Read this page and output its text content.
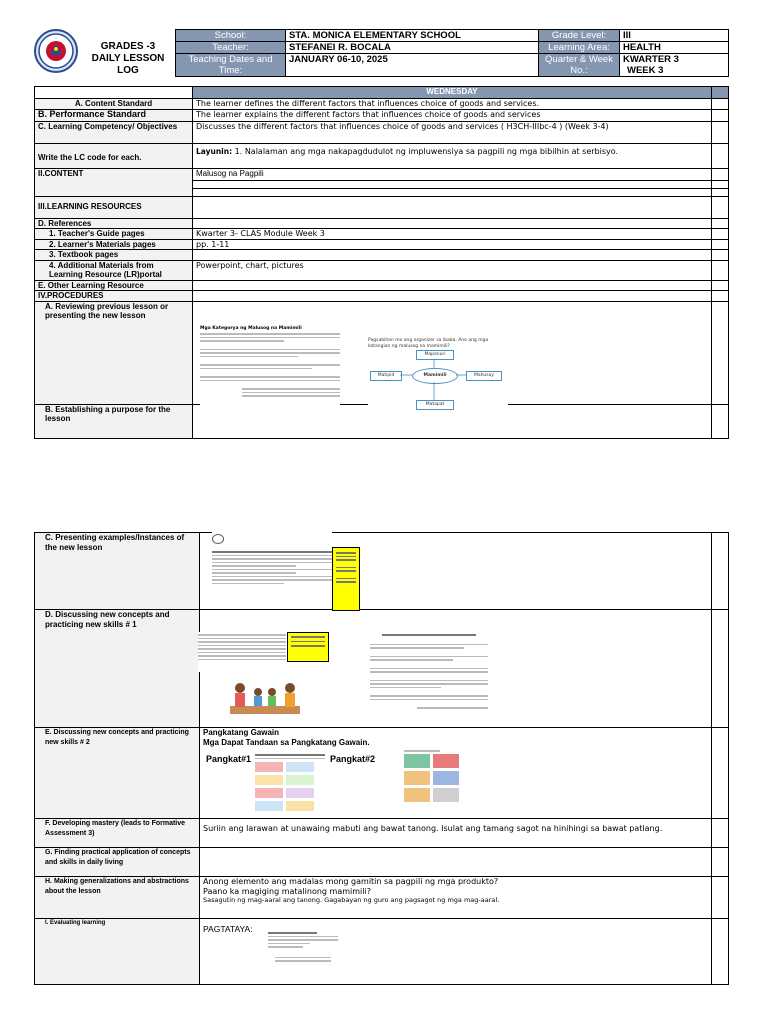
GRADES -3
DAILY LESSON
LOG
School:	STA. MONICA ELEMENTARY SCHOOL	Grade Level:	III
Teacher:	STEFANEI R. BOCALA	Learning Area:	HEALTH
Teaching Dates and Time:	JANUARY 06-10, 2025	Quarter & Week No.:	KWARTER 3
WEEK 3
	WEDNESDAY	
A. Content Standard	The learner defines the different factors that influences choice of goods and services.	
B. Performance Standard	The learner explains the different factors that influences choice of goods and services	
C. Learning Competency/ Objectives	Discusses the different factors that influences choice of goods and services ( H3CH-IIIbc-4 ) (Week 3-4)	
Write the LC code for each.	Layunin: 1. Nalalaman ang mga nakapagdudulot ng impluwensiya sa pagpili ng mga bibilhin at serbisyo.	
II.CONTENT	Malusog na Pagpili	

III.LEARNING RESOURCES		
D. References		
1. Teacher's Guide pages	Kwarter 3- CLAS Module Week 3	
2. Learner's Materials pages	pp. 1-11	
3. Textbook pages		
4. Additional Materials from Learning Resource (LR)portal	Powerpoint, chart, pictures	
E. Other Learning Resource		
IV.PROCEDURES		
A. Reviewing previous lesson or presenting the new lesson		
B. Establishing a purpose for the lesson		
Mga Kategorya ng Malusog na Mamimili
Pagsabihan mo ang organizer sa ibaba. Ano ang mga katangian ng malusog na mamimili?
Mapanuri
Matipid	Mamimili	Mahusay
Matapat
C. Presenting examples/Instances of the new lesson		
D. Discussing new concepts and practicing new skills # 1		
E. Discussing new concepts and practicing new skills # 2	Pangkatang Gawain
Mga Dapat Tandaan sa Pangkatang Gawain.	

F. Developing mastery (leads to Formative Assessment 3)	Suriin ang larawan at unawaing mabuti ang bawat tanong. Isulat ang tamang sagot na hinihingi sa bawat patlang.	
G. Finding practical application of concepts and skills in daily living		
H. Making generalizations and abstractions about the lesson	Anong elemento ang madalas mong gamitin sa pagpili ng mga produkto?
Paano ka magiging matalinong mamimili?
Sasagutin ng mag-aaral ang tanong. Gagabayan ng guro ang pagsagot ng mga mag-aaral.	

I. Evaluating learning	PAGTATAYA:	

Pangkat#1	Pangkat#2
